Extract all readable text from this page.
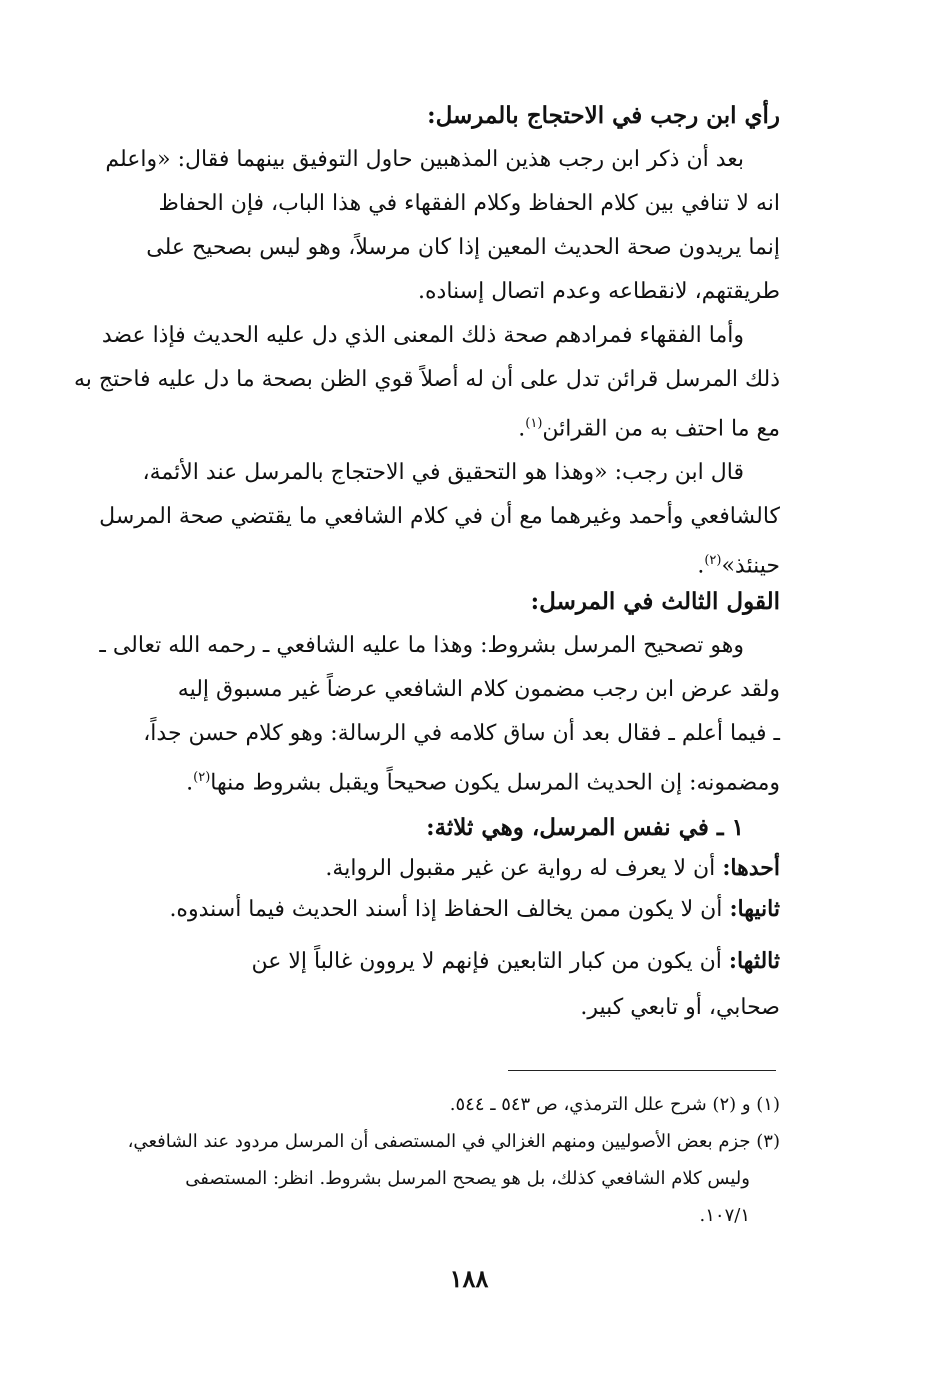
رأي ابن رجب في الاحتجاج بالمرسل:
بعد أن ذكر ابن رجب هذين المذهبين حاول التوفيق بينهما فقال: «واعلم
انه لا تنافي بين كلام الحفاظ وكلام الفقهاء في هذا الباب، فإن الحفاظ
إنما يريدون صحة الحديث المعين إذا كان مرسلاً، وهو ليس بصحيح على
طريقتهم، لانقطاعه وعدم اتصال إسناده.
وأما الفقهاء فمرادهم صحة ذلك المعنى الذي دل عليه الحديث فإذا عضد
ذلك المرسل قرائن تدل على أن له أصلاً قوي الظن بصحة ما دل عليه فاحتج به
مع ما احتف به من القرائن$^{(١)}$.
قال ابن رجب: «وهذا هو التحقيق في الاحتجاج بالمرسل عند الأئمة،
كالشافعي وأحمد وغيرهما مع أن في كلام الشافعي ما يقتضي صحة المرسل
حينئذ»$^{(٢)}$.
القول الثالث في المرسل:
وهو تصحيح المرسل بشروط: وهذا ما عليه الشافعي ـ رحمه الله تعالى ـ
ولقد عرض ابن رجب مضمون كلام الشافعي عرضاً غير مسبوق إليه
ـ فيما أعلم ـ فقال بعد أن ساق كلامه في الرسالة: وهو كلام حسن جداً،
ومضمونه: إن الحديث المرسل يكون صحيحاً ويقبل بشروط منها$^{(٢)}$.
١ ـ في نفس المرسل، وهي ثلاثة:
أحدها: أن لا يعرف له رواية عن غير مقبول الرواية.
ثانيها: أن لا يكون ممن يخالف الحفاظ إذا أسند الحديث فيما أسندوه.
ثالثها: أن يكون من كبار التابعين فإنهم لا يروون غالباً إلا عن
صحابي، أو تابعي كبير.
(١) و (٢) شرح علل الترمذي، ص ٥٤٣ ـ ٥٤٤.
(٣) جزم بعض الأصوليين ومنهم الغزالي في المستصفى أن المرسل مردود عند الشافعي،
وليس كلام الشافعي كذلك، بل هو يصحح المرسل بشروط. انظر: المستصفى
١٠٧/١.
١٨٨
